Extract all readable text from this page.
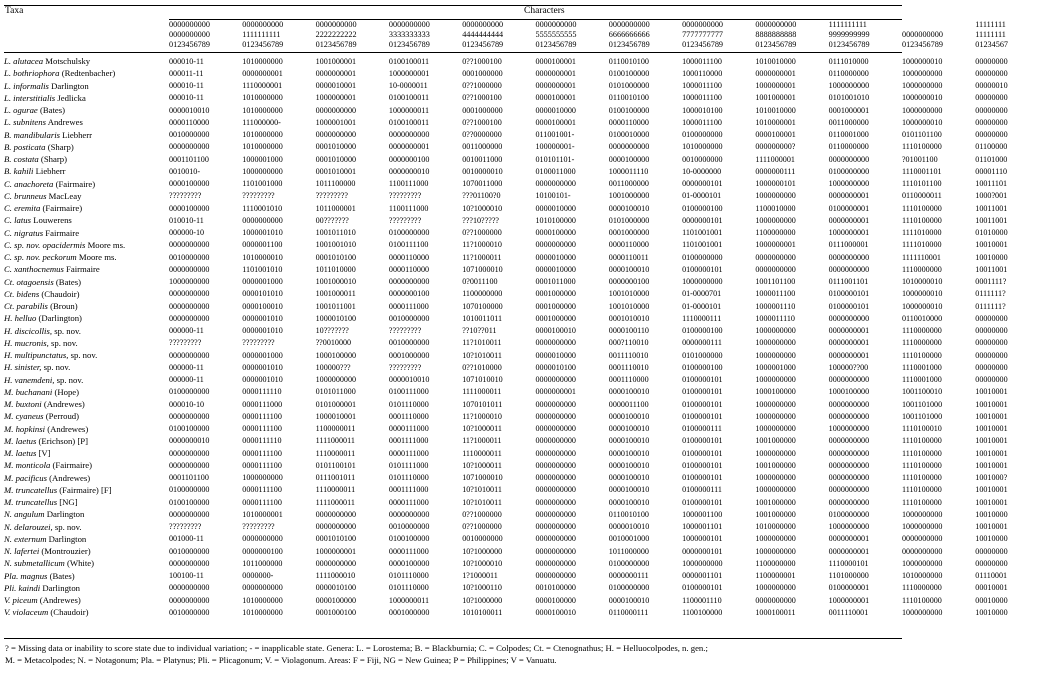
Taxa	Characters
0000000000	0000000000	0000000000	0000000000	0000000000	0000000000	0000000000	0000000000	0000000000	1111111111	11111111
0000000000	1111111111	2222222222	3333333333	4444444444	5555555555	6666666666	7777777777	8888888888	9999999999	0000000000	11111111
0123456789	0123456789	0123456789	0123456789	0123456789	0123456789	0123456789	0123456789	0123456789	0123456789	0123456789	01234567
L. alutacea Motschulsky	000010-11	1010000000	1001000001	0100100011	0??1000100	0000100001	0110010100	1000011100	1010010000	0111010000	1000000010	00000000
L. bothriophora (Redtenbacher)	000011-11	0000000001	0000000001	1000000001	0001000000	0000000001	0100100000	1000110000	0000000001	0110000000	1000000000	00000000
L. informalis Darlington	000010-11	1110000001	0000010001	10-0000011	0??1000000	0000000001	0101000000	1000011100	1000000001	1000000000	1000000000	00000010
L. interstitialis Jedlicka	000010-11	1010000000	1000000001	0100100011	0??1000100	0000100001	0110010100	1000011100	1001000001	0101001010	1000000010	00000000
L. ogurae (Bates)	0000010010	1010000000	0000000000	1000000011	0001000000	0000010000	0100100000	1000010100	1010010000	0001000001	1000000000	00000000
L. subnitens Andrewes	0000110000	111000000-	1000001001	0100100011	0??1000100	0000100001	0000110000	1000011100	1010000001	0011000000	1000000010	00000000
B. mandibularis Liebherr	0010000000	1010000000	0000000000	0000000000	0??0000000	011001001-	0100010000	0100000000	0000100001	0110001000	0101101100	00000000
B. posticata (Sharp)	0000000000	1010000000	0001010000	0000000001	0011000000	100000001-	0000000000	1010000000	000000000?	0110000000	1110100000	01100000
B. costata (Sharp)	0001101100	1000001000	0001010000	0000000100	0010011000	010101101-	0000100000	0010000000	1111000001	0000000000	?01001100	01101000
B. kahili Liebherr	0010010-	1000000000	0001010001	0000000010	0010000010	0100011000	1000011110	10-0000000	0000000111	0100000000	1110001101	00001110
C. anachoreta (Fairmaire)	0000100000	1101001000	1011100000	1100111000	1070011000	0000000000	0011000000	0000000101	1000000101	1000000000	1110101100	10011101
C. brunneus MacLeay	?????????	?????????	?????????	?????????	???01100?0	10100101-	1001000000	01-0000101	1000000000	0000000001	0110000011	1000?001
C. eremita (Fairmaire)	0000100000	1110001010	1011000001	1100111000	10?1000010	0000010000	0000100010	0100000100	1100010000	0100000001	1110100000	10011001
C. latus Louwerens	010010-11	0000000000	00???????	?????????	???10?????	1010100000	0101000000	0000000101	1000000000	0000000001	1110100000	10011001
C. nigratus Fairmaire	000000-10	1000001010	1001011010	0100000000	0??1000000	0000100000	0001000000	1101001001	1100000000	1000000001	1111010000	01010000
C. sp. nov. opacidermis Moore ms.	0000000000	0000001100	1001001010	0100111100	11?1000010	0000000000	0000110000	1101001001	1000000001	0111000001	1111010000	10010001
C. sp. nov. peckorum Moore ms.	0010000000	1010000010	0001010100	0000110000	11?1000011	0000010000	0000110011	0100000000	0000000000	0000000000	1111110001	10010000
C. xanthocnemus Fairmaire	0000000000	1101001010	1011010000	0000110000	1071000010	0000010000	0000100010	0100000101	0000000000	0000000000	1110000000	10011001
Ct. otagoensis (Bates)	1000000000	0000001000	1001000010	0000000000	0?0011100	0001011000	0000000100	1000000000	1001101100	0111001101	1010000010	0001111?
Ct. bidens (Chaudoir)	0000000000	0000101010	1001000011	0000000100	1100000000	0001000000	1001010000	01-0000701	1000011100	0100000101	1000000010	0111111?
Ct. parabilis (Broun)	0000000000	0000100010	1001011001	0000111000	1070100000	0001000000	1001010000	01-0000101	1000001110	0100000101	1000000010	0111111?
H. helluo (Darlington)	0000000000	0000001010	1000010100	0010000000	1010011011	0001000000	0001010010	1110000111	1000011110	0000000000	0110010000	00000000
H. discicollis, sp. nov.	000000-11	0000001010	10???????	?????????	??10??011	0000100010	0000100110	0100000100	1000000000	0000000001	1110000000	00000000
H. mucronis, sp. nov.	?????????	?????????	??0010000	0010000000	11?1010011	0000000000	000?110010	0000000111	1000000000	0000000001	1110000000	00000000
H. multipunctatus, sp. nov.	0000000000	0000001000	1000100000	0001000000	10?1010011	0000010000	0011110010	0101000000	1000000000	0000000001	1110100000	00000000
H. sinister, sp. nov.	000000-11	0000001010	100000???	?????????	0??1010000	0000010100	0001110010	0100000100	1000001000	100000??00	1110001000	00000000
H. vanemdeni, sp. nov.	000000-11	0000001010	1000000000	0000010010	1071010010	0000000000	0001110000	0100000101	1000000000	0000000000	1110001000	00000000
M. buchanani (Hope)	0100000000	0000111110	0101011000	0100111000	1111000011	0000000001	0000100010	0100000101	1000100000	1000100000	1001100010	10010001
M. buxtoni (Andrewes)	000010-10	0000111000	0101000001	0101110000	1070101011	0000000000	0000011100	0100000101	1000000000	0000000000	1001101000	10010001
M. cyaneus (Perroud)	0000000000	0000111100	1000010001	0001110000	11?1000010	0000000000	0000100010	0100000101	1000000000	0000000000	1001101000	10010001
M. hopkinsi (Andrewes)	0100100000	0000111100	1100000011	0000111000	10?1000011	0000000000	0000100010	0100000111	1000000000	1000000000	1110100010	10010001
M. laetus (Erichson) [P]	0000000010	0000111110	1111000011	0001111000	11?1000011	0000000000	0000100010	0100000101	1001000000	0000000000	1110100000	10010001
M. laetus [V]	0000000000	0000111100	1110000011	0000111000	1110000011	0000000000	0000100010	0100000101	1000000000	0000000000	1110100000	10010001
M. monticola (Fairmaire)	0000000000	0000111100	0101100101	0101111000	10?1000011	0000000000	0000100010	0100000101	1001000000	0000000000	1110100000	10010001
M. pacificus (Andrewes)	0001101100	1000000000	0111001011	0101110000	1071000010	0000000000	0000100010	0100000101	1000000000	0000000000	1110100000	1001000?
M. truncatellus (Fairmaire) [F]	0100000000	0000111100	1110000011	0001111000	10?1010011	0000000000	0000100010	0100000111	1000000000	0000000000	1110100000	10010001
M. truncatellus [NG]	0100100000	0000111100	1111000011	0000111000	10?1010011	0000000000	0000100010	0100000101	1001000000	0000000000	1110100000	10010001
N. angulum Darlington	0000000000	1010000001	0000000000	0000000000	0??1000000	0000000000	0110010100	1000001100	1001000000	0100000000	1000000000	10010000
N. delarouzei, sp. nov.	?????????	?????????	0000000000	0010000000	0??1000000	0000000000	0000010010	1000001101	1010000000	1000000000	1000000000	10010001
N. externum Darlington	001000-11	0000000000	0001010100	0100100000	0010000000	0000000000	0010001000	1000000101	1000000000	0000000001	0000000000	10010000
N. lafertei (Montrouzier)	0010000000	0000000100	1000000001	0000111000	10?1000000	0000000000	1011000000	0000000101	1000000000	0000000001	0000000000	00000000
N. submetallicum (White)	0000000000	1011000000	0000000000	0000100000	10?1000010	0000000000	0100000000	1000000000	1100000000	1110000101	1000000000	00000000
Pla. magnus (Bates)	100100-11	0000000-	1111000010	0101110000	1?1000011	0000000000	0000000111	0000001101	1100000001	1101000000	1010000000	01110001
Pli. kaindi Darlington	0000000000	0000000000	0000010100	0101110000	10?1000110	0010100000	0100000000	0100000101	1000000000	0100000001	1110000000	00010001
V. piceum (Andrewes)	0000000000	1010000000	0000100000	1000000011	10?1000000	0000100000	0000100010	1100001110	0000000000	1000000001	1110100000	00010000
V. violaceum (Chaudoir)	0010000000	1010000000	0001000100	0001000000	1010100011	0000100010	0110000111	1100100000	1000100011	0011110001	1000000000	10010000
? = Missing data or inability to score state due to individual variation; - = inapplicable state. Genera: L. = Lorostema; B. = Blackburnia; C. = Colpodes; Ct. = Ctenognathus; H. = Helluocolpodes, n. gen.;
M. = Metacolpodes; N. = Notagonum; Pla. = Platynus; Pli. = Plicagonum; V. = Violagonum. Areas: F = Fiji, NG = New Guinea; P = Philippines; V = Vanuatu.
